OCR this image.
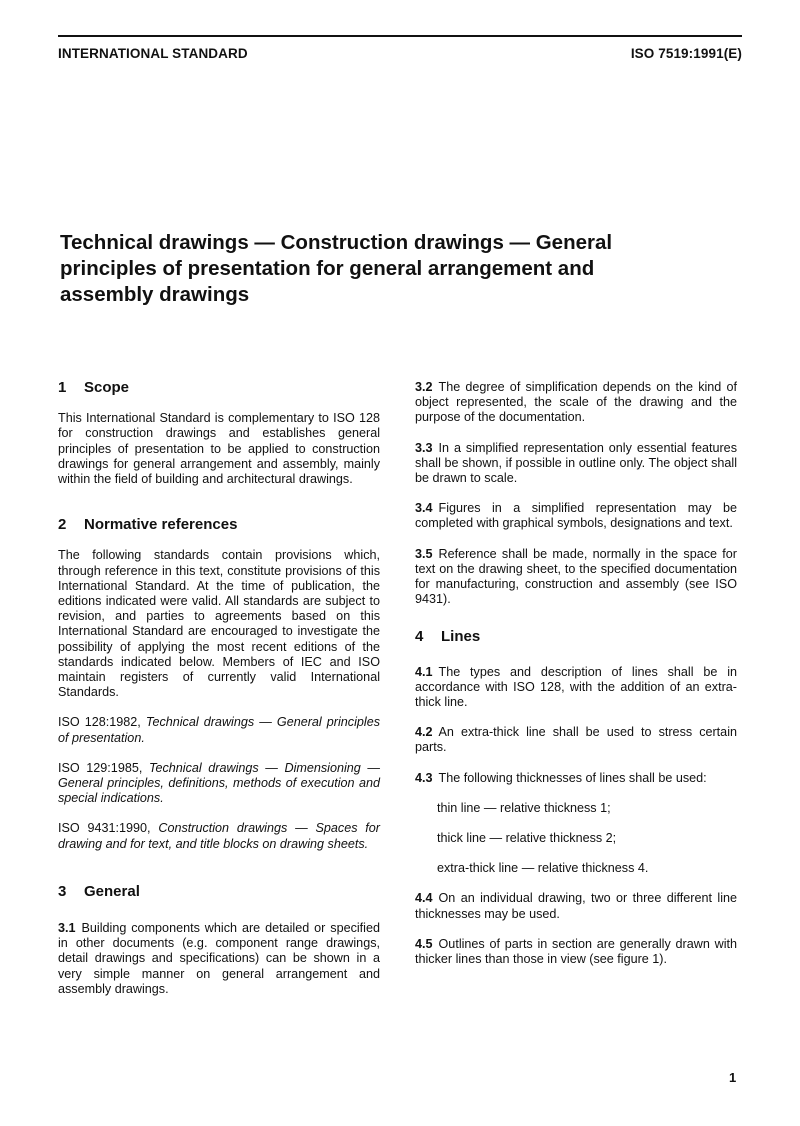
INTERNATIONAL STANDARD	ISO 7519:1991(E)
Technical drawings — Construction drawings — General principles of presentation for general arrangement and assembly drawings
1 Scope

This International Standard is complementary to ISO 128 for construction drawings and establishes general principles of presentation to be applied to construction drawings for general arrangement and assembly, mainly within the field of building and architectural drawings.

2 Normative references

The following standards contain provisions which, through reference in this text, constitute provisions of this International Standard. At the time of publication, the editions indicated were valid. All standards are subject to revision, and parties to agreements based on this International Standard are encouraged to investigate the possibility of applying the most recent editions of the standards indicated below. Members of IEC and ISO maintain registers of currently valid International Standards.

ISO 128:1982, Technical drawings — General principles of presentation.

ISO 129:1985, Technical drawings — Dimensioning — General principles, definitions, methods of execution and special indications.

ISO 9431:1990, Construction drawings — Spaces for drawing and for text, and title blocks on drawing sheets.

3 General

3.1 Building components which are detailed or specified in other documents (e.g. component range drawings, detail drawings and specifications) can be shown in a very simple manner on general arrangement and assembly drawings.

3.2 The degree of simplification depends on the kind of object represented, the scale of the drawing and the purpose of the documentation.

3.3 In a simplified representation only essential features shall be shown, if possible in outline only. The object shall be drawn to scale.

3.4 Figures in a simplified representation may be completed with graphical symbols, designations and text.

3.5 Reference shall be made, normally in the space for text on the drawing sheet, to the specified documentation for manufacturing, construction and assembly (see ISO 9431).

4 Lines

4.1 The types and description of lines shall be in accordance with ISO 128, with the addition of an extra-thick line.

4.2 An extra-thick line shall be used to stress certain parts.

4.3 The following thicknesses of lines shall be used:

thin line — relative thickness 1;

thick line — relative thickness 2;

extra-thick line — relative thickness 4.

4.4 On an individual drawing, two or three different line thicknesses may be used.

4.5 Outlines of parts in section are generally drawn with thicker lines than those in view (see figure 1).

1
